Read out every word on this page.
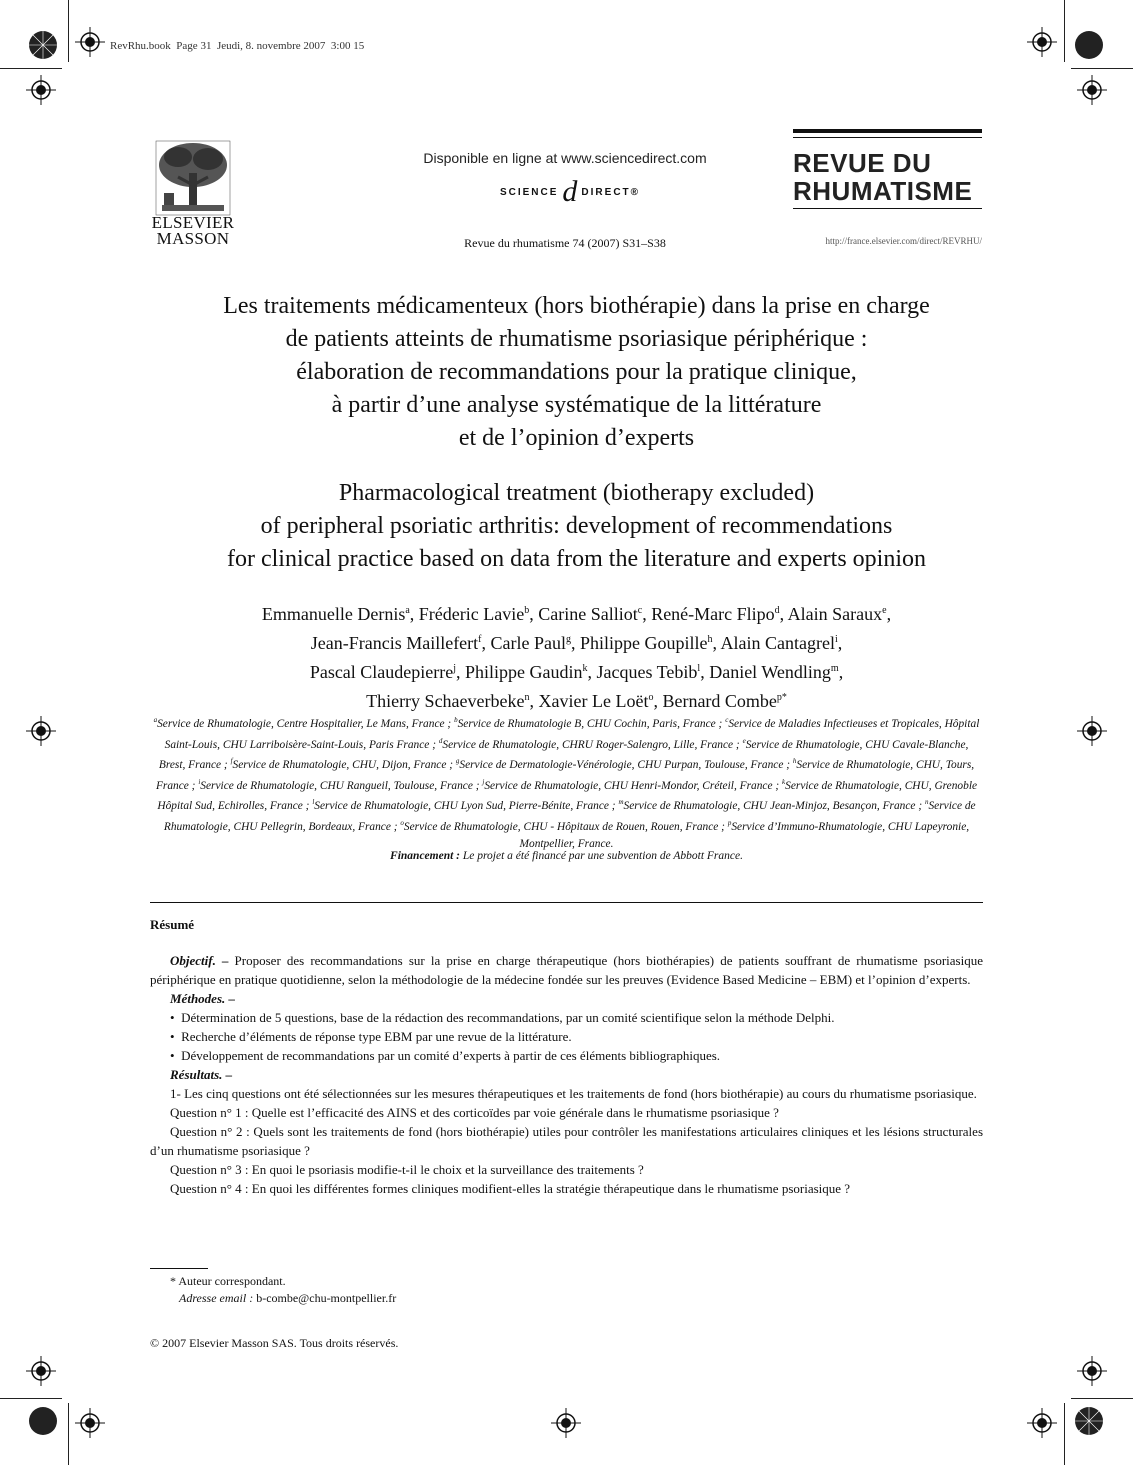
RevRhu.book  Page 31  Jeudi, 8. novembre 2007  3:00 15
ELSEVIER
MASSON
Disponible en ligne at www.sciencedirect.com
SCIENCE d DIRECT®
Revue du rhumatisme 74 (2007) S31–S38
REVUE DU
RHUMATISME
http://france.elsevier.com/direct/REVRHU/
Les traitements médicamenteux (hors biothérapie) dans la prise en charge
de patients atteints de rhumatisme psoriasique périphérique :
élaboration de recommandations pour la pratique clinique,
à partir d’une analyse systématique de la littérature
et de l’opinion d’experts
Pharmacological treatment (biotherapy excluded)
of peripheral psoriatic arthritis: development of recommendations
for clinical practice based on data from the literature and experts opinion
Emmanuelle Dernis$^a$, Fréderic Lavie$^b$, Carine Salliot$^c$, René-Marc Flipo$^d$, Alain Saraux$^e$,
Jean-Francis Maillefert$^f$, Carle Paul$^g$, Philippe Goupille$^h$, Alain Cantagrel$^i$,
Pascal Claudepierre$^j$, Philippe Gaudin$^k$, Jacques Tebib$^l$, Daniel Wendling$^m$,
Thierry Schaeverbeke$^n$, Xavier Le Loët$^o$, Bernard Combe$^{p*}$
$^a$Service de Rhumatologie, Centre Hospitalier, Le Mans, France ; $^b$Service de Rhumatologie B, CHU Cochin, Paris, France ; $^c$Service de Maladies Infectieuses et Tropicales, Hôpital Saint-Louis, CHU Larriboisère-Saint-Louis, Paris France ; $^d$Service de Rhumatologie, CHRU Roger-Salengro, Lille, France ; $^e$Service de Rhumatologie, CHU Cavale-Blanche, Brest, France ; $^f$Service de Rhumatologie, CHU, Dijon, France ; $^g$Service de Dermatologie-Vénérologie, CHU Purpan, Toulouse, France ; $^h$Service de Rhumatologie, CHU, Tours, France ; $^i$Service de Rhumatologie, CHU Rangueil, Toulouse, France ; $^j$Service de Rhumatologie, CHU Henri-Mondor, Créteil, France ; $^k$Service de Rhumatologie, CHU, Grenoble Hôpital Sud, Echirolles, France ; $^l$Service de Rhumatologie, CHU Lyon Sud, Pierre-Bénite, France ; $^m$Service de Rhumatologie, CHU Jean-Minjoz, Besançon, France ; $^n$Service de Rhumatologie, CHU Pellegrin, Bordeaux, France ; $^o$Service de Rhumatologie, CHU - Hôpitaux de Rouen, Rouen, France ; $^p$Service d’Immuno-Rhumatologie, CHU Lapeyronie, Montpellier, France.
Financement : Le projet a été financé par une subvention de Abbott France.
Résumé

Objectif. – Proposer des recommandations sur la prise en charge thérapeutique (hors biothérapies) de patients souffrant de rhumatisme psoriasique périphérique en pratique quotidienne, selon la méthodologie de la médecine fondée sur les preuves (Evidence Based Medicine – EBM) et l’opinion d’experts.

Méthodes. –

•  Détermination de 5 questions, base de la rédaction des recommandations, par un comité scientifique selon la méthode Delphi.

•  Recherche d’éléments de réponse type EBM par une revue de la littérature.

•  Développement de recommandations par un comité d’experts à partir de ces éléments bibliographiques.

Résultats. –

1- Les cinq questions ont été sélectionnées sur les mesures thérapeutiques et les traitements de fond (hors biothérapie) au cours du rhumatisme psoriasique.

Question n° 1 : Quelle est l’efficacité des AINS et des corticoïdes par voie générale dans le rhumatisme psoriasique ?

Question n° 2 : Quels sont les traitements de fond (hors biothérapie) utiles pour contrôler les manifestations articulaires cliniques et les lésions structurales d’un rhumatisme psoriasique ?

Question n° 3 : En quoi le psoriasis modifie-t-il le choix et la surveillance des traitements ?

Question n° 4 : En quoi les différentes formes cliniques modifient-elles la stratégie thérapeutique dans le rhumatisme psoriasique ?

* Auteur correspondant.
Adresse email : b-combe@chu-montpellier.fr
© 2007 Elsevier Masson SAS. Tous droits réservés.
